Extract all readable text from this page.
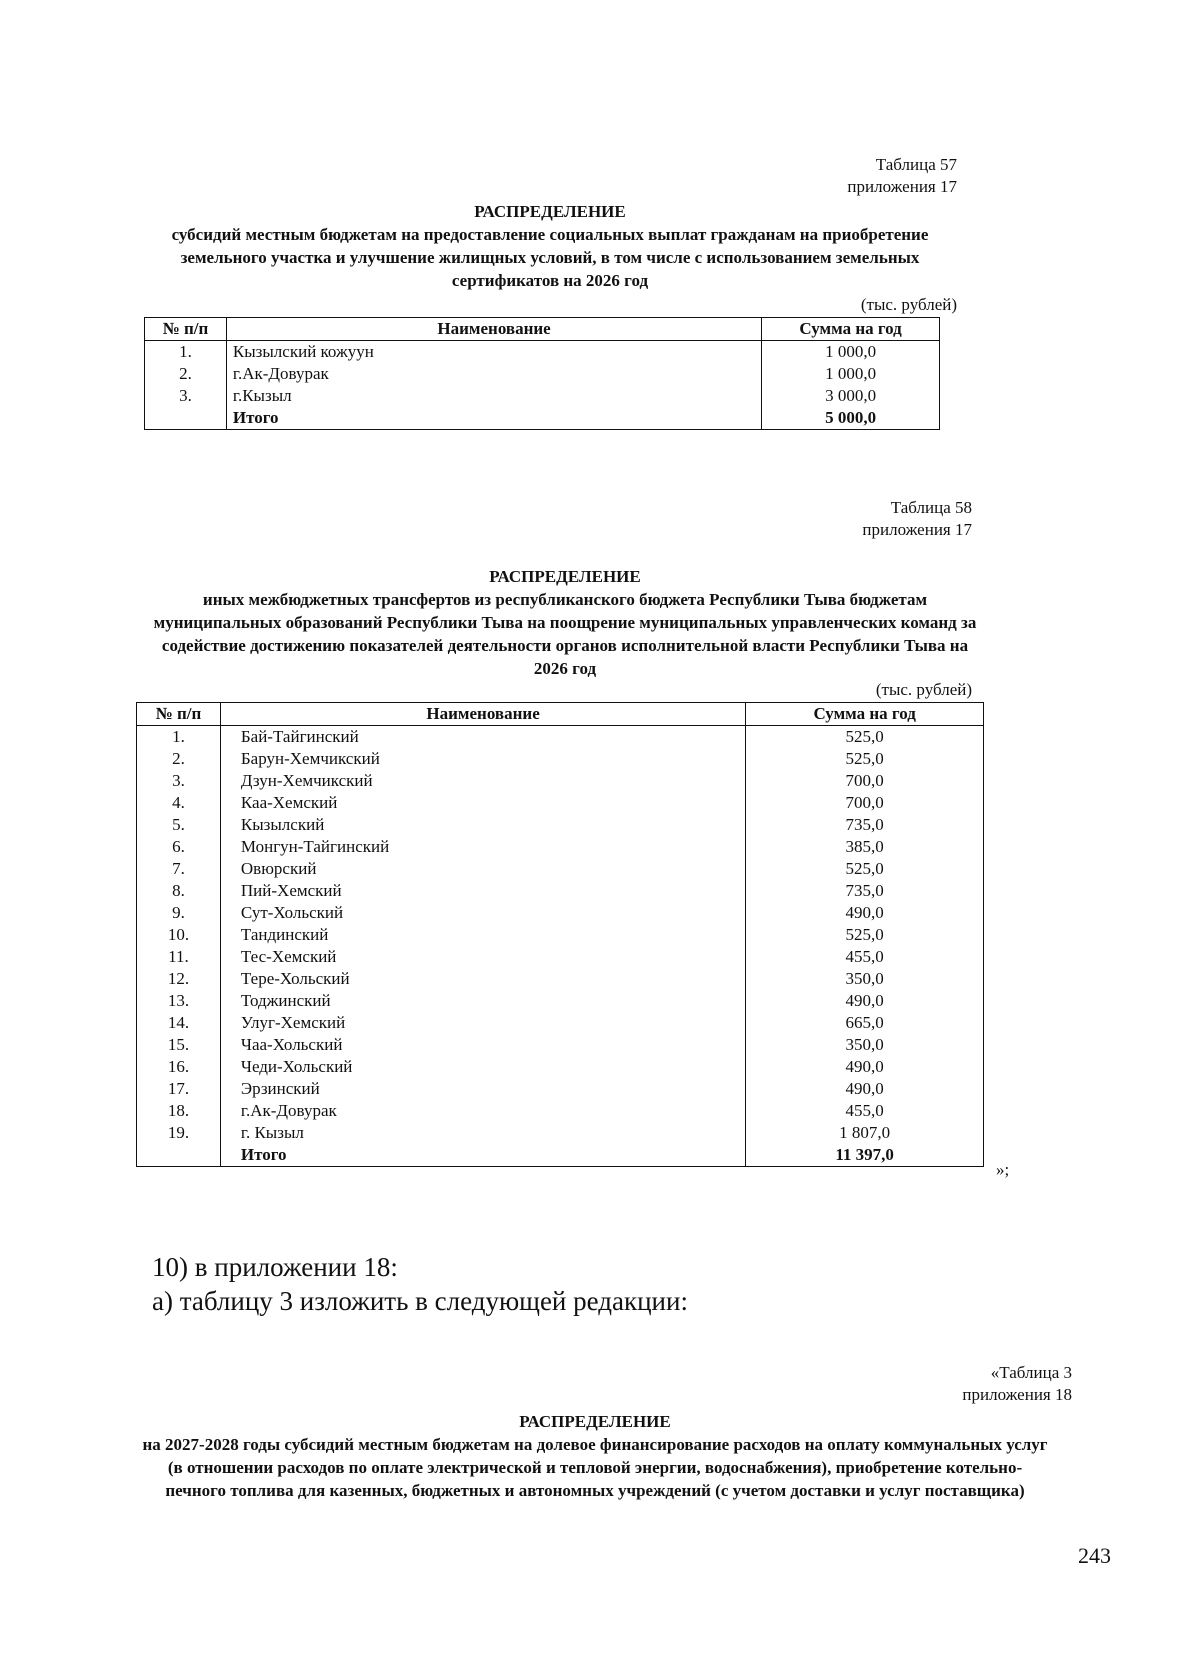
Таблица 57
приложения 17
РАСПРЕДЕЛЕНИЕ
субсидий местным бюджетам на предоставление социальных выплат гражданам на приобретение земельного участка и улучшение жилищных условий, в том числе с использованием земельных сертификатов на 2026 год
(тыс. рублей)
№ п/п	Наименование	Сумма на год
1.	Кызылский кожуун	1 000,0
2.	г.Ак-Довурак	1 000,0
3.	г.Кызыл	3 000,0
	Итого	5 000,0
Таблица 58
приложения 17
РАСПРЕДЕЛЕНИЕ
иных межбюджетных трансфертов из республиканского бюджета Республики Тыва бюджетам муниципальных образований Республики Тыва на поощрение муниципальных управленческих команд за содействие достижению показателей деятельности органов исполнительной власти Республики Тыва на 2026 год
(тыс. рублей)
№ п/п	Наименование	Сумма на год
1.	Бай-Тайгинский	525,0
2.	Барун-Хемчикский	525,0
3.	Дзун-Хемчикский	700,0
4.	Каа-Хемский	700,0
5.	Кызылский	735,0
6.	Монгун-Тайгинский	385,0
7.	Овюрский	525,0
8.	Пий-Хемский	735,0
9.	Сут-Хольский	490,0
10.	Тандинский	525,0
11.	Тес-Хемский	455,0
12.	Тере-Хольский	350,0
13.	Тоджинский	490,0
14.	Улуг-Хемский	665,0
15.	Чаа-Хольский	350,0
16.	Чеди-Хольский	490,0
17.	Эрзинский	490,0
18.	г.Ак-Довурак	455,0
19.	г. Кызыл	1 807,0
	Итого	11 397,0
»;
10) в приложении 18:
а) таблицу 3 изложить в следующей редакции:
«Таблица 3
приложения 18
РАСПРЕДЕЛЕНИЕ
на 2027-2028 годы субсидий местным бюджетам на долевое финансирование расходов на оплату коммунальных услуг (в отношении расходов по оплате электрической и тепловой энергии, водоснабжения), приобретение котельно-печного топлива для казенных, бюджетных и автономных учреждений (с учетом доставки и услуг поставщика)
243
